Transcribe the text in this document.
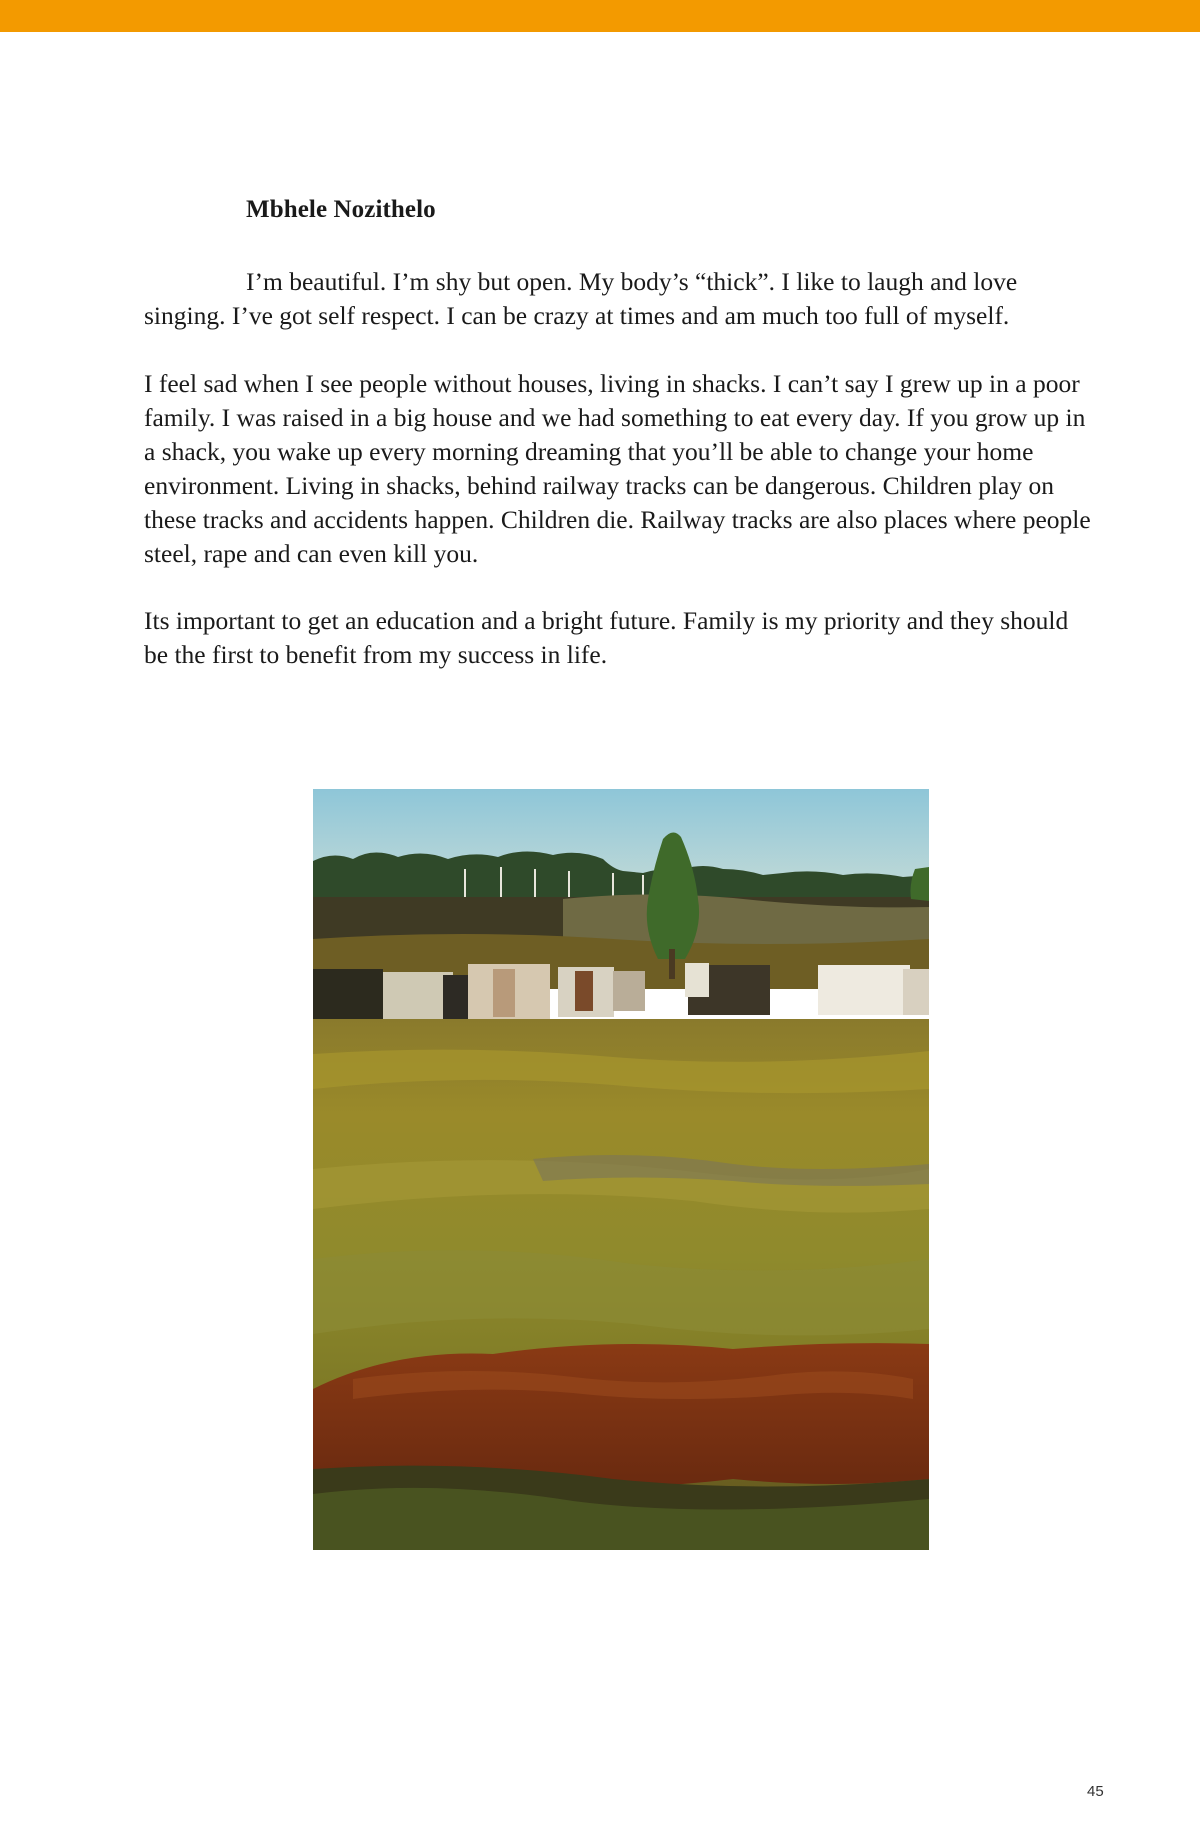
Mbhele Nozithelo

I’m beautiful. I’m shy but open. My body’s “thick”. I like to laugh and love singing. I’ve got self respect. I can be crazy at times and am much too full of myself.

I feel sad when I see people without houses, living in shacks. I can’t say I grew up in a poor family. I was raised in a big house and we had something to eat every day. If you grow up in a shack, you wake up every morning dreaming that you’ll be able to change your home environment. Living in shacks, behind railway tracks can be dangerous. Children play on these tracks and accidents happen. Children die. Railway tracks are also places where people steel, rape and can even kill you.

Its important to get an education and a bright future. Family is my priority and they should be the first to benefit from my success in life.

45
